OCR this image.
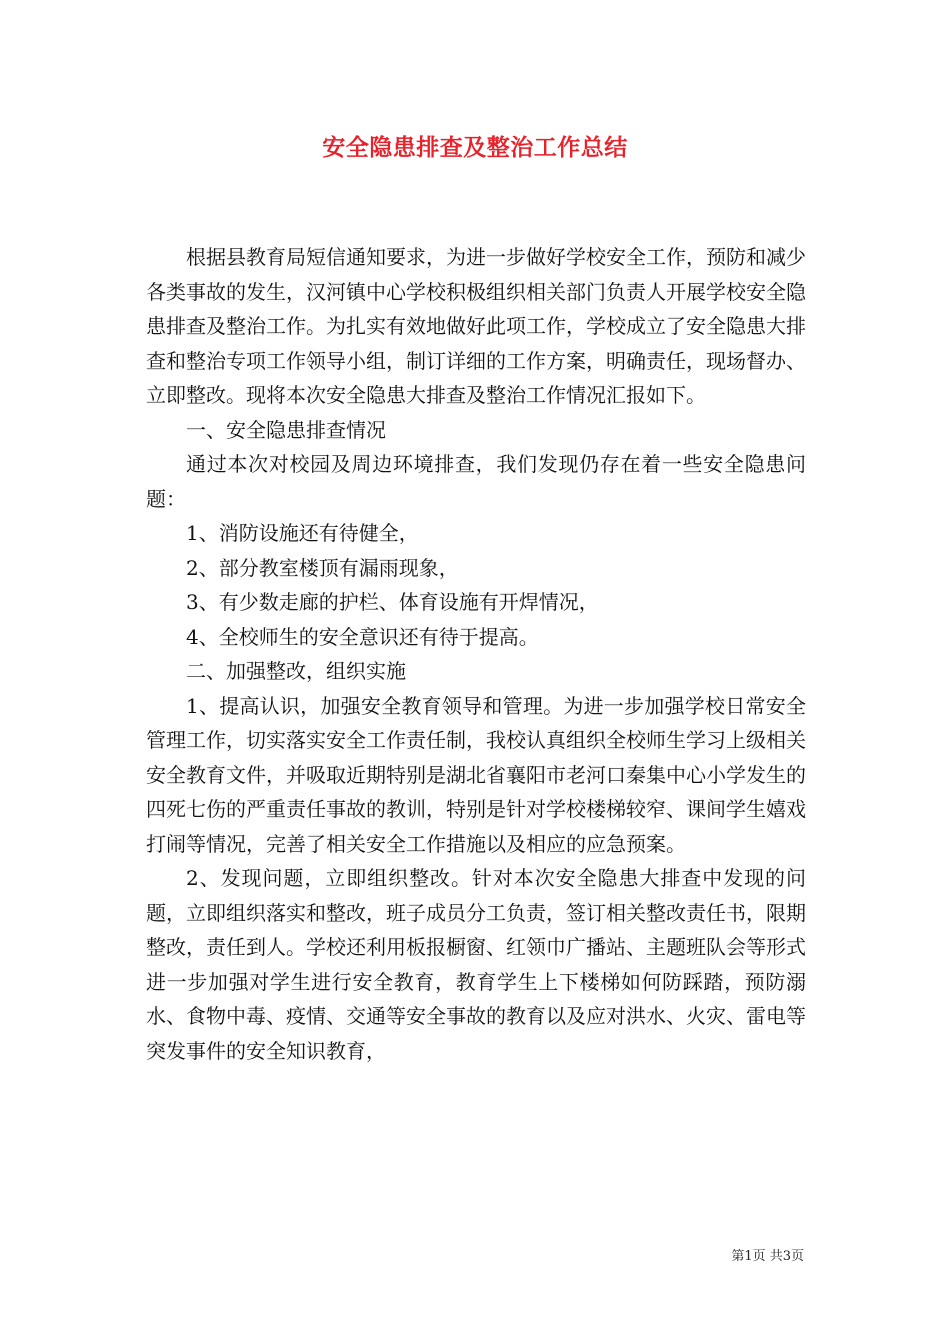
安全隐患排查及整治工作总结

根据县教育局短信通知要求，为进一步做好学校安全工作，预防和减少各类事故的发生，汉河镇中心学校积极组织相关部门负责人开展学校安全隐患排查及整治工作。为扎实有效地做好此项工作，学校成立了安全隐患大排查和整治专项工作领导小组，制订详细的工作方案，明确责任，现场督办、立即整改。现将本次安全隐患大排查及整治工作情况汇报如下。

一、安全隐患排查情况

通过本次对校园及周边环境排查，我们发现仍存在着一些安全隐患问题：

1、消防设施还有待健全，

2、部分教室楼顶有漏雨现象，

3、有少数走廊的护栏、体育设施有开焊情况，

4、全校师生的安全意识还有待于提高。

二、加强整改，组织实施

1、提高认识，加强安全教育领导和管理。为进一步加强学校日常安全管理工作，切实落实安全工作责任制，我校认真组织全校师生学习上级相关安全教育文件，并吸取近期特别是湖北省襄阳市老河口秦集中心小学发生的四死七伤的严重责任事故的教训，特别是针对学校楼梯较窄、课间学生嬉戏打闹等情况，完善了相关安全工作措施以及相应的应急预案。

2、发现问题，立即组织整改。针对本次安全隐患大排查中发现的问题，立即组织落实和整改，班子成员分工负责，签订相关整改责任书，限期整改，责任到人。学校还利用板报橱窗、红领巾广播站、主题班队会等形式进一步加强对学生进行安全教育，教育学生上下楼梯如何防踩踏，预防溺水、食物中毒、疫情、交通等安全事故的教育以及应对洪水、火灾、雷电等突发事件的安全知识教育，

第1页 共3页
